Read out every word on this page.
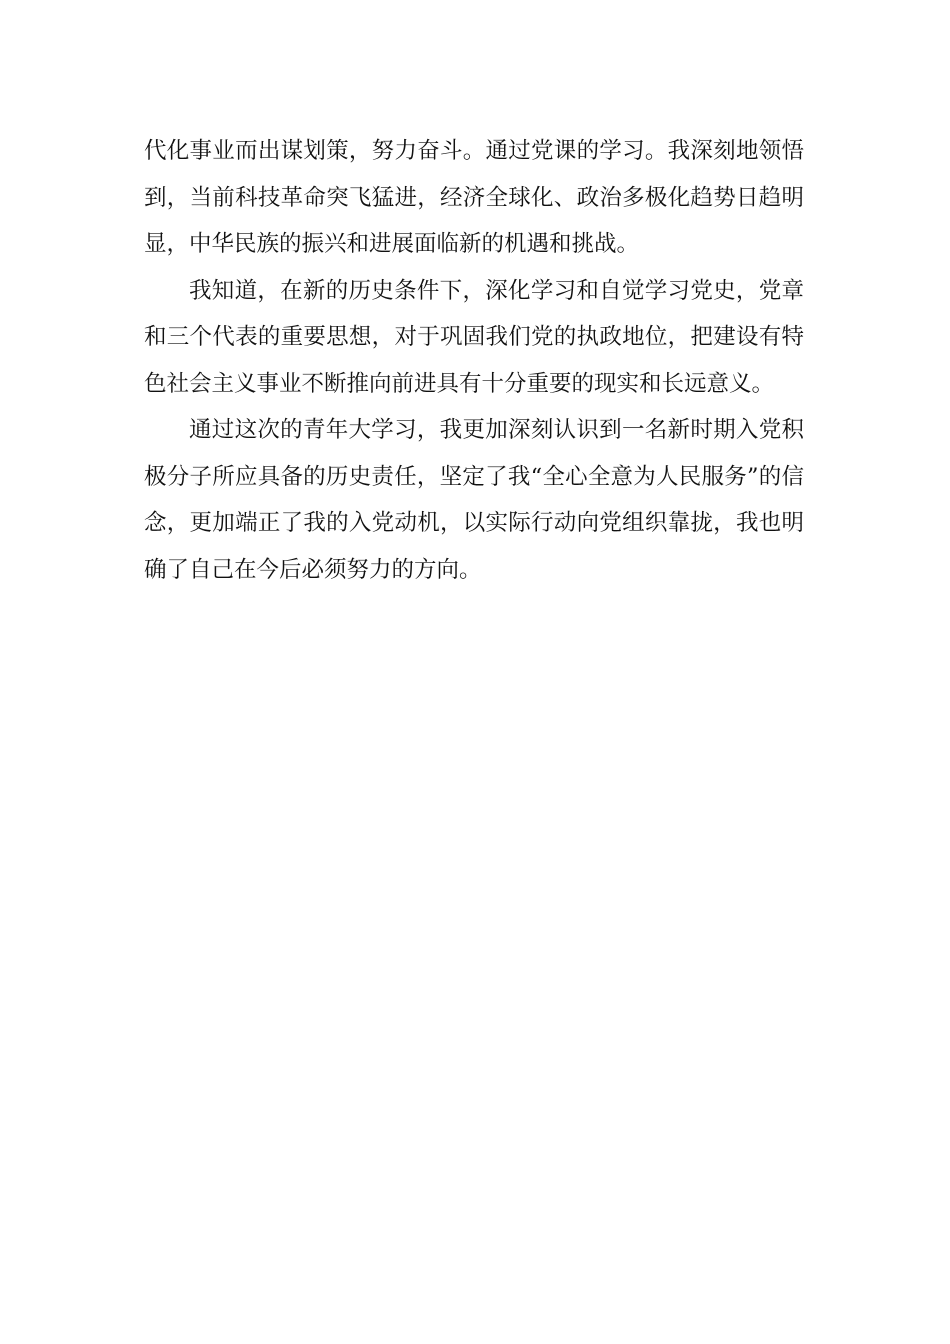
代化事业而出谋划策，努力奋斗。通过党课的学习。我深刻地领悟到，当前科技革命突飞猛进，经济全球化、政治多极化趋势日趋明显，中华民族的振兴和进展面临新的机遇和挑战。

我知道，在新的历史条件下，深化学习和自觉学习党史，党章和三个代表的重要思想，对于巩固我们党的执政地位，把建设有特色社会主义事业不断推向前进具有十分重要的现实和长远意义。

通过这次的青年大学习，我更加深刻认识到一名新时期入党积极分子所应具备的历史责任，坚定了我“全心全意为人民服务”的信念，更加端正了我的入党动机，以实际行动向党组织靠拢，我也明确了自己在今后必须努力的方向。
